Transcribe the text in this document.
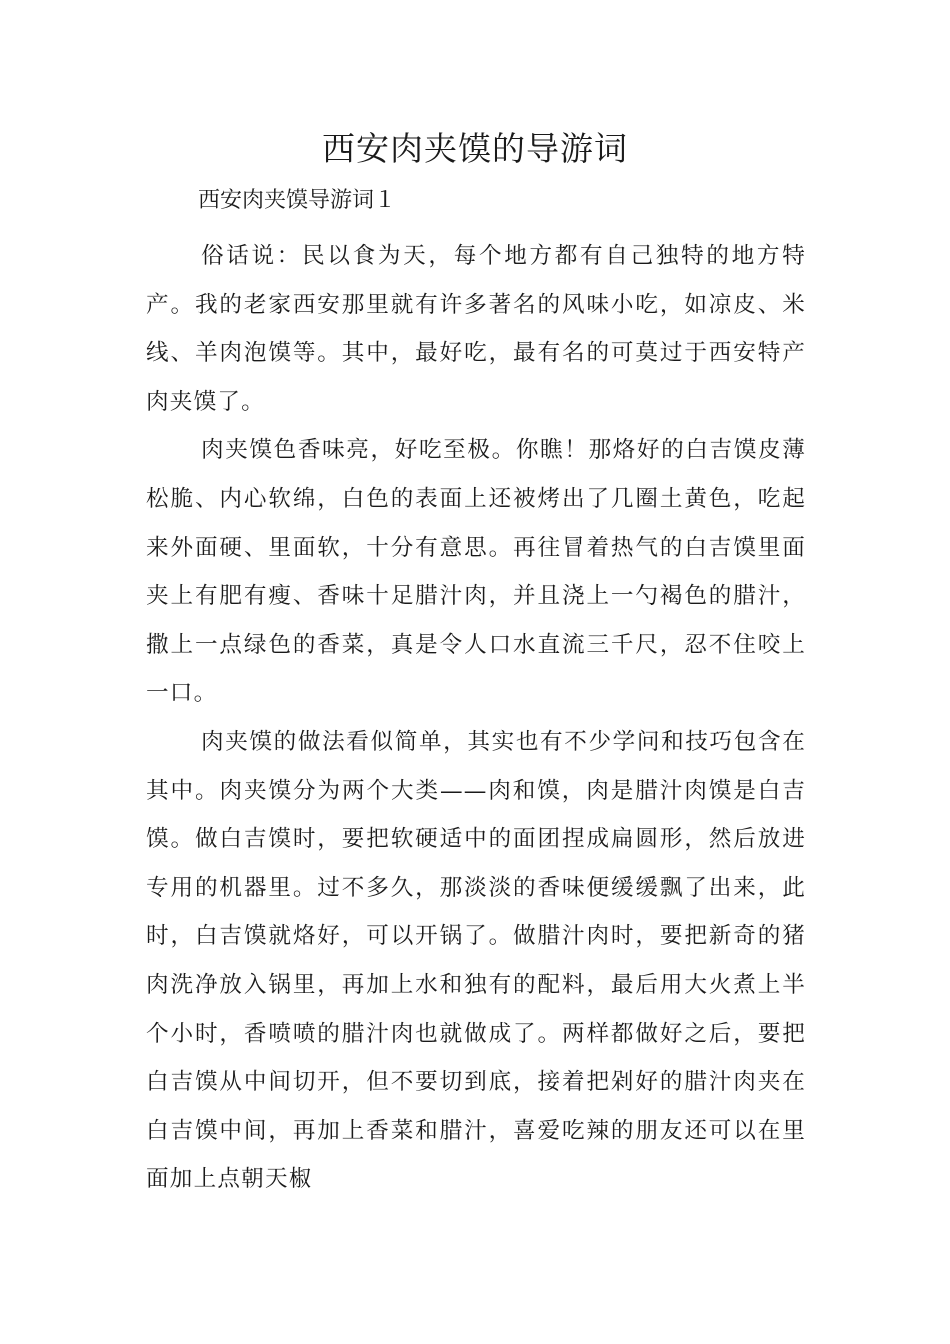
西安肉夹馍的导游词

西安肉夹馍导游词１

俗话说：民以食为天，每个地方都有自己独特的地方特产。我的老家西安那里就有许多著名的风味小吃，如凉皮、米线、羊肉泡馍等。其中，最好吃，最有名的可莫过于西安特产肉夹馍了。

肉夹馍色香味亮，好吃至极。你瞧！那烙好的白吉馍皮薄松脆、内心软绵，白色的表面上还被烤出了几圈土黄色，吃起来外面硬、里面软，十分有意思。再往冒着热气的白吉馍里面夹上有肥有瘦、香味十足腊汁肉，并且浇上一勺褐色的腊汁，撒上一点绿色的香菜，真是令人口水直流三千尺，忍不住咬上一口。

肉夹馍的做法看似简单，其实也有不少学问和技巧包含在其中。肉夹馍分为两个大类——肉和馍，肉是腊汁肉馍是白吉馍。做白吉馍时，要把软硬适中的面团捏成扁圆形，然后放进专用的机器里。过不多久，那淡淡的香味便缓缓飘了出来，此时，白吉馍就烙好，可以开锅了。做腊汁肉时，要把新奇的猪肉洗净放入锅里，再加上水和独有的配料，最后用大火煮上半个小时，香喷喷的腊汁肉也就做成了。两样都做好之后，要把白吉馍从中间切开，但不要切到底，接着把剁好的腊汁肉夹在白吉馍中间，再加上香菜和腊汁，喜爱吃辣的朋友还可以在里面加上点朝天椒
